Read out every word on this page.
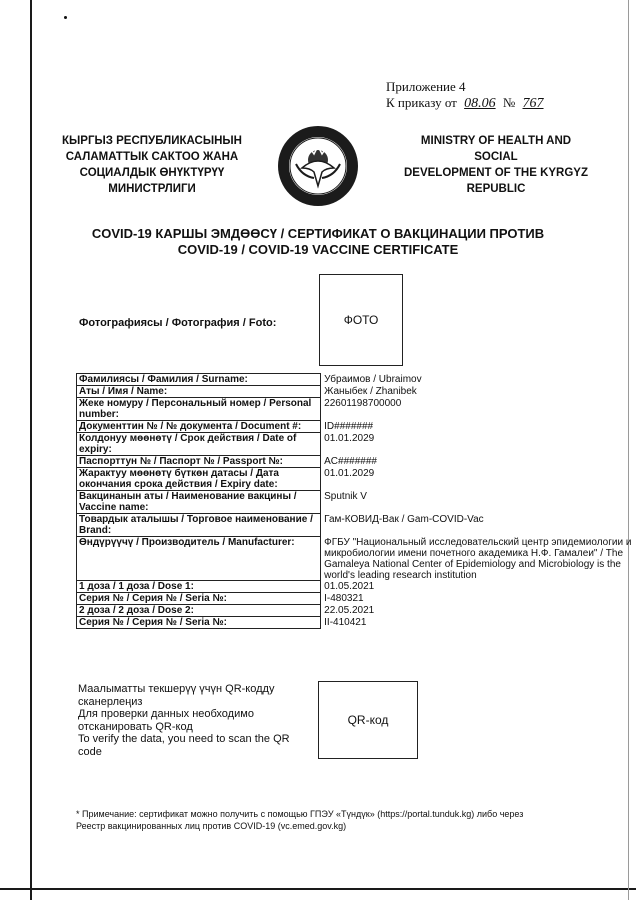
Приложение 4
К приказу от 08.06 № 767
КЫРГЫЗ РЕСПУБЛИКАСЫНЫН
САЛАМАТТЫК САКТОО ЖАНА
СОЦИАЛДЫК ӨНҮКТҮРҮҮ
МИНИСТРЛИГИ
MINISTRY OF HEALTH AND SOCIAL
DEVELOPMENT OF THE KYRGYZ
REPUBLIC
COVID-19 КАРШЫ ЭМДӨӨСҮ / СЕРТИФИКАТ О ВАКЦИНАЦИИ ПРОТИВ
COVID-19 / COVID-19 VACCINE CERTIFICATE
Фотографиясы / Фотография / Foto:	ФОТО
Фамилиясы / Фамилия / Surname:	Убраимов / Ubraimov
Аты / Имя / Name:	Жаныбек / Zhanibek
Жеке номуру / Персональный номер / Personal number:	22601198700000
Документтин № / № документа / Document #:	ID#######
Колдонуу мөөнөтү / Срок действия / Date of expiry:	01.01.2029
Паспорттун № / Паспорт № / Passport №:	AC#######
Жарактуу мөөнөтү бүткөн датасы / Дата окончания срока действия / Expiry date:	01.01.2029
Вакцинанын аты / Наименование вакцины / Vaccine name:	Sputnik V
Товардык аталышы / Торговое наименование / Brand:	Гам-КОВИД-Вак / Gam-COVID-Vac
Өндүрүүчү / Производитель / Manufacturer:	ФГБУ "Национальный исследовательский центр эпидемиологии и микробиологии имени почетного академика Н.Ф. Гамалеи" / The Gamaleya National Center of Epidemiology and Microbiology is the world's leading research institution
1 доза / 1 доза / Dose 1:	01.05.2021
Серия № / Серия № / Seria №:	I-480321
2 доза / 2 доза / Dose 2:	22.05.2021
Серия № / Серия № / Seria №:	II-410421
Маалыматты текшерүү үчүн QR-кодду сканерлеңиз
Для проверки данных необходимо отсканировать QR-код
To verify the data, you need to scan the QR code
QR-код
* Примечание: сертификат можно получить с помощью ГПЭУ «Түндүк» (https://portal.tunduk.kg) либо через
Реестр вакцинированных лиц против COVID-19 (vc.emed.gov.kg)
